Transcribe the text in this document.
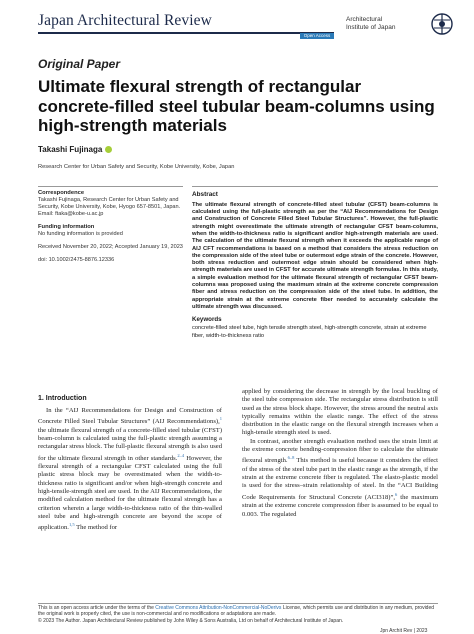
Japan Architectural Review
Open Access
Architectural
Institute of Japan
Original Paper
Ultimate flexural strength of rectangular concrete-filled steel tubular beam-columns using high-strength materials
Takashi Fujinaga
Research Center for Urban Safety and Security, Kobe University, Kobe, Japan
Correspondence
Takashi Fujinaga, Research Center for Urban Safety and Security, Kobe University, Kobe, Hyogo 657-8501, Japan.
Email: ftaka@kobe-u.ac.jp
Funding information
No funding information is provided
Received November 20, 2022; Accepted January 19, 2023
doi: 10.1002/2475-8876.12336
Abstract
The ultimate flexural strength of concrete-filled steel tubular (CFST) beam-columns is calculated using the full-plastic strength as per the “AIJ Recommendations for Design and Construction of Concrete Filled Steel Tubular Structures”. However, the full-plastic strength might overestimate the ultimate strength of rectangular CFST beam-columns, when the width-to-thickness ratio is significant and/or high-strength materials are used. The calculation of the ultimate flexural strength when it exceeds the applicable range of AIJ CFT recommendations is based on a method that considers the stress reduction on the compression side of the steel tube or outermost edge strain of the concrete. However, both stress reduction and outermost edge strain should be considered when high-strength materials are used in CFST for accurate ultimate strength formulas. In this study, a simple evaluation method for the ultimate flexural strength of rectangular CFST beam-columns was proposed using the maximum strain at the extreme concrete compression fiber and stress reduction on the compression side of the steel tube. In addition, the appropriate strain at the extreme concrete fiber needed to accurately calculate the ultimate strength was discussed.
Keywords
concrete-filled steel tube, high tensile strength steel, high-strength concrete, strain at extreme fiber, width-to-thickness ratio
1. Introduction

In the “AIJ Recommendations for Design and Construction of Concrete Filled Steel Tubular Structures” (AIJ Recommendations),$^1$ the ultimate flexural strength of a concrete-filled steel tubular (CFST) beam-column is calculated using the full-plastic strength assuming a rectangular stress block. The full-plastic flexural strength is also used for the ultimate flexural strength in other standards.$^{2-4}$ However, the flexural strength of a rectangular CFST calculated using the full plastic stress block may be overestimated when the width-to-thickness ratio is significant and/or when high-strength concrete and high-tensile-strength steel are used. In the AIJ Recommendations, the modified calculation method for the ultimate flexural strength has a criterion wherein a large width-to-thickness ratio of the thin-walled steel tube and high-strength concrete are beyond the scope of application.$^{1,5}$ The method for

applied by considering the decrease in strength by the local buckling of the steel tube compression side. The rectangular stress distribution is still used as the stress block shape. However, the stress around the neutral axis typically remains within the elastic range. The effect of the stress distribution in the elastic range on the flexural strength increases when a high-tensile strength steel is used.

In contrast, another strength evaluation method uses the strain limit at the extreme concrete bending-compression fiber to calculate the ultimate flexural strength.$^{6-8}$ This method is useful because it considers the effect of the stress of the steel tube part in the elastic range as the strength, if the strain at the extreme concrete fiber is regulated. The elasto-plastic model is used for the stress–strain relationship of steel. In the “ACI Building Code Requirements for Structural Concrete (ACI318)”,$^6$ the maximum strain at the extreme concrete compression fiber is assumed to be equal to 0.003. The regulated

This is an open access article under the terms of the Creative Commons Attribution-NonCommercial-NoDerivs License, which permits use and distribution in any medium, provided the original work is properly cited, the use is non-commercial and no modifications or adaptations are made.
© 2023 The Author. Japan Architectural Review published by John Wiley & Sons Australia, Ltd on behalf of Architectural Institute of Japan.
Jpn Archit Rev | 2023
